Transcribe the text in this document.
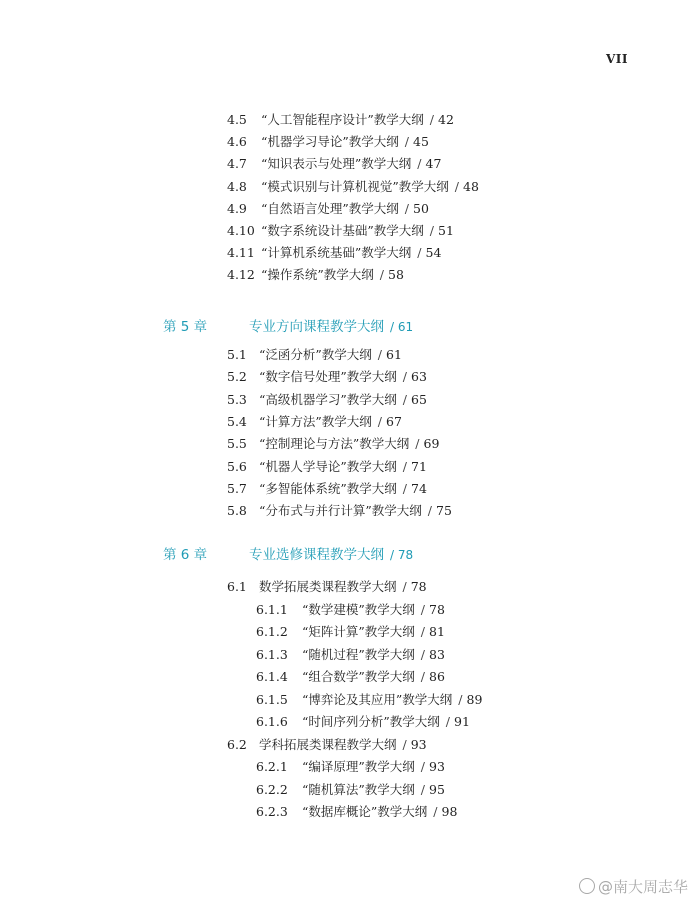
VII
4.5 “人工智能程序设计”教学大纲 / 42
4.6 “机器学习导论”教学大纲 / 45
4.7 “知识表示与处理”教学大纲 / 47
4.8 “模式识别与计算机视觉”教学大纲 / 48
4.9 “自然语言处理”教学大纲 / 50
4.10 “数字系统设计基础”教学大纲 / 51
4.11 “计算机系统基础”教学大纲 / 54
4.12 “操作系统”教学大纲 / 58
第 5 章	专业方向课程教学大纲 / 61
5.1 “泛函分析”教学大纲 / 61
5.2 “数字信号处理”教学大纲 / 63
5.3 “高级机器学习”教学大纲 / 65
5.4 “计算方法”教学大纲 / 67
5.5 “控制理论与方法”教学大纲 / 69
5.6 “机器人学导论”教学大纲 / 71
5.7 “多智能体系统”教学大纲 / 74
5.8 “分布式与并行计算”教学大纲 / 75
第 6 章	专业选修课程教学大纲 / 78
6.1 数学拓展类课程教学大纲 / 78
6.1.1 “数学建模”教学大纲 / 78
6.1.2 “矩阵计算”教学大纲 / 81
6.1.3 “随机过程”教学大纲 / 83
6.1.4 “组合数学”教学大纲 / 86
6.1.5 “博弈论及其应用”教学大纲 / 89
6.1.6 “时间序列分析”教学大纲 / 91
6.2 学科拓展类课程教学大纲 / 93
6.2.1 “编译原理”教学大纲 / 93
6.2.2 “随机算法”教学大纲 / 95
6.2.3 “数据库概论”教学大纲 / 98
@南大周志华
